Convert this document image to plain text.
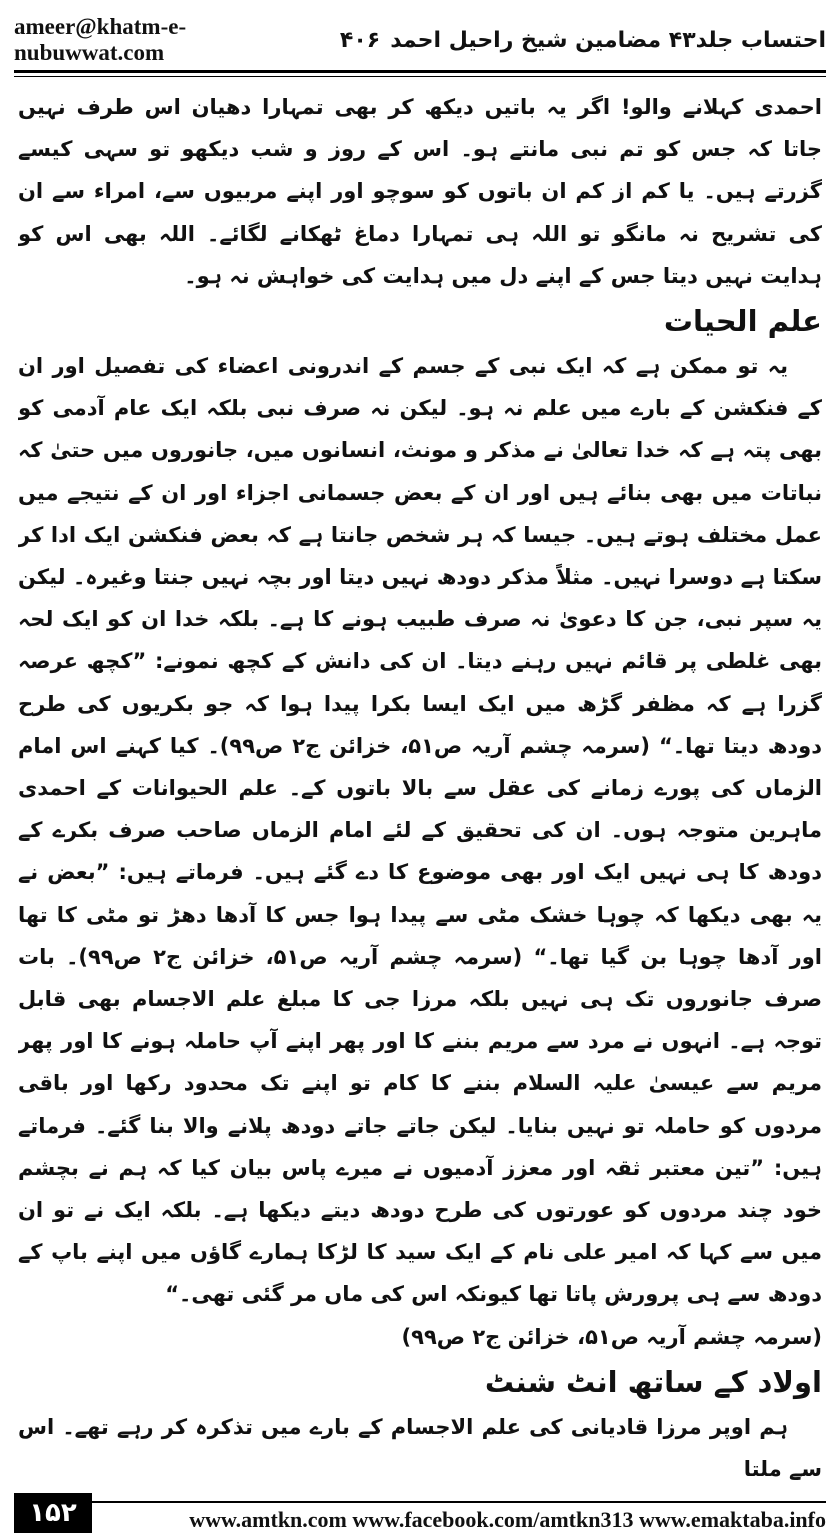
ameer@khatm-e-nubuwwat.com	احتساب جلد۴۳ مضامین شیخ راحیل احمد۴۰۶

احمدی کہلانے والو! اگر یہ باتیں دیکھ کر بھی تمہارا دھیان اس طرف نہیں جاتا کہ جس کو تم نبی مانتے ہو۔ اس کے روز و شب دیکھو تو سہی کیسے گزرتے ہیں۔ یا کم از کم ان باتوں کو سوچو اور اپنے مربیوں سے، امراء سے ان کی تشریح نہ مانگو تو اللہ ہی تمہارا دماغ ٹھکانے لگائے۔ اللہ بھی اس کو ہدایت نہیں دیتا جس کے اپنے دل میں ہدایت کی خواہش نہ ہو۔

علم الحیات

یہ تو ممکن ہے کہ ایک نبی کے جسم کے اندرونی اعضاء کی تفصیل اور ان کے فنکشن کے بارے میں علم نہ ہو۔ لیکن نہ صرف نبی بلکہ ایک عام آدمی کو بھی پتہ ہے کہ خدا تعالیٰ نے مذکر و مونث، انسانوں میں، جانوروں میں حتیٰ کہ نباتات میں بھی بنائے ہیں اور ان کے بعض جسمانی اجزاء اور ان کے نتیجے میں عمل مختلف ہوتے ہیں۔ جیسا کہ ہر شخص جانتا ہے کہ بعض فنکشن ایک ادا کر سکتا ہے دوسرا نہیں۔ مثلاً مذکر دودھ نہیں دیتا اور بچہ نہیں جنتا وغیرہ۔ لیکن یہ سپر نبی، جن کا دعویٰ نہ صرف طبیب ہونے کا ہے۔ بلکہ خدا ان کو ایک لحہ بھی غلطی پر قائم نہیں رہنے دیتا۔ ان کی دانش کے کچھ نمونے: ”کچھ عرصہ گزرا ہے کہ مظفر گڑھ میں ایک ایسا بکرا پیدا ہوا کہ جو بکریوں کی طرح دودھ دیتا تھا۔“ (سرمہ چشم آریہ ص۵۱، خزائن ج۲ ص۹۹)۔ کیا کہنے اس امام الزماں کی پورے زمانے کی عقل سے بالا باتوں کے۔ علم الحیوانات کے احمدی ماہرین متوجہ ہوں۔ ان کی تحقیق کے لئے امام الزماں صاحب صرف بکرے کے دودھ کا ہی نہیں ایک اور بھی موضوع کا دے گئے ہیں۔ فرماتے ہیں: ”بعض نے یہ بھی دیکھا کہ چوہا خشک مٹی سے پیدا ہوا جس کا آدھا دھڑ تو مٹی کا تھا اور آدھا چوہا بن گیا تھا۔“ (سرمہ چشم آریہ ص۵۱، خزائن ج۲ ص۹۹)۔ بات صرف جانوروں تک ہی نہیں بلکہ مرزا جی کا مبلغ علم الاجسام بھی قابل توجہ ہے۔ انہوں نے مرد سے مریم بننے کا اور پھر اپنے آپ حاملہ ہونے کا اور پھر مریم سے عیسیٰ علیہ السلام بننے کا کام تو اپنے تک محدود رکھا اور باقی مردوں کو حاملہ تو نہیں بنایا۔ لیکن جاتے جاتے دودھ پلانے والا بنا گئے۔ فرماتے ہیں: ”تین معتبر ثقہ اور معزز آدمیوں نے میرے پاس بیان کیا کہ ہم نے بچشم خود چند مردوں کو عورتوں کی طرح دودھ دیتے دیکھا ہے۔ بلکہ ایک نے تو ان میں سے کہا کہ امیر علی نام کے ایک سید کا لڑکا ہمارے گاؤں میں اپنے باپ کے دودھ سے ہی پرورش پاتا تھا کیونکہ اس کی ماں مر گئی تھی۔“

(سرمہ چشم آریہ ص۵۱، خزائن ج۲ ص۹۹)

اولاد کے ساتھ انٹ شنٹ

ہم اوپر مرزا قادیانی کی علم الاجسام کے بارے میں تذکرہ کر رہے تھے۔ اس سے ملتا

۱۵۲	www.amtkn.com www.facebook.com/amtkn313 www.emaktaba.info
